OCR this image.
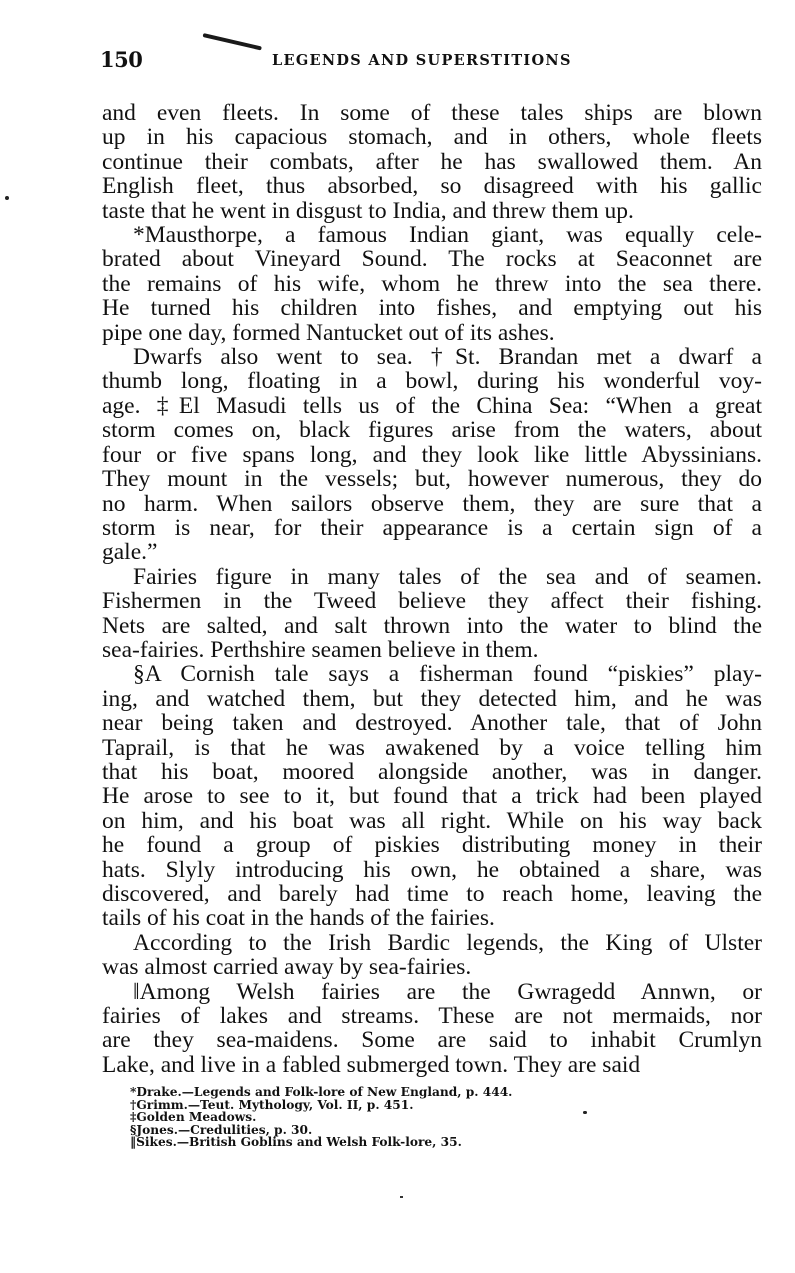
150	LEGENDS AND SUPERSTITIONS

and even fleets. In some of these tales ships are blown
up in his capacious stomach, and in others, whole fleets
continue their combats, after he has swallowed them. An
English fleet, thus absorbed, so disagreed with his gallic
taste that he went in disgust to India, and threw them up.

*Mausthorpe, a famous Indian giant, was equally cele-
brated about Vineyard Sound. The rocks at Seaconnet are
the remains of his wife, whom he threw into the sea there.
He turned his children into fishes, and emptying out his
pipe one day, formed Nantucket out of its ashes.

Dwarfs also went to sea. †St. Brandan met a dwarf a
thumb long, floating in a bowl, during his wonderful voy-
age. ‡El Masudi tells us of the China Sea: “When a great
storm comes on, black figures arise from the waters, about
four or five spans long, and they look like little Abyssinians.
They mount in the vessels; but, however numerous, they do
no harm. When sailors observe them, they are sure that a
storm is near, for their appearance is a certain sign of a
gale.”

Fairies figure in many tales of the sea and of seamen.
Fishermen in the Tweed believe they affect their fishing.
Nets are salted, and salt thrown into the water to blind the
sea-fairies. Perthshire seamen believe in them.

§A Cornish tale says a fisherman found “piskies” play-
ing, and watched them, but they detected him, and he was
near being taken and destroyed. Another tale, that of John
Taprail, is that he was awakened by a voice telling him
that his boat, moored alongside another, was in danger.
He arose to see to it, but found that a trick had been played
on him, and his boat was all right. While on his way back
he found a group of piskies distributing money in their
hats. Slyly introducing his own, he obtained a share, was
discovered, and barely had time to reach home, leaving the
tails of his coat in the hands of the fairies.

According to the Irish Bardic legends, the King of Ulster
was almost carried away by sea-fairies.

‖Among Welsh fairies are the Gwragedd Annwn, or
fairies of lakes and streams. These are not mermaids, nor
are they sea-maidens. Some are said to inhabit Crumlyn
Lake, and live in a fabled submerged town. They are said

*Drake.—Legends and Folk-lore of New England, p. 444.
†Grimm.—Teut. Mythology, Vol. II, p. 451.
‡Golden Meadows.
§Jones.—Credulities, p. 30.
‖Sikes.—British Goblins and Welsh Folk-lore, 35.
